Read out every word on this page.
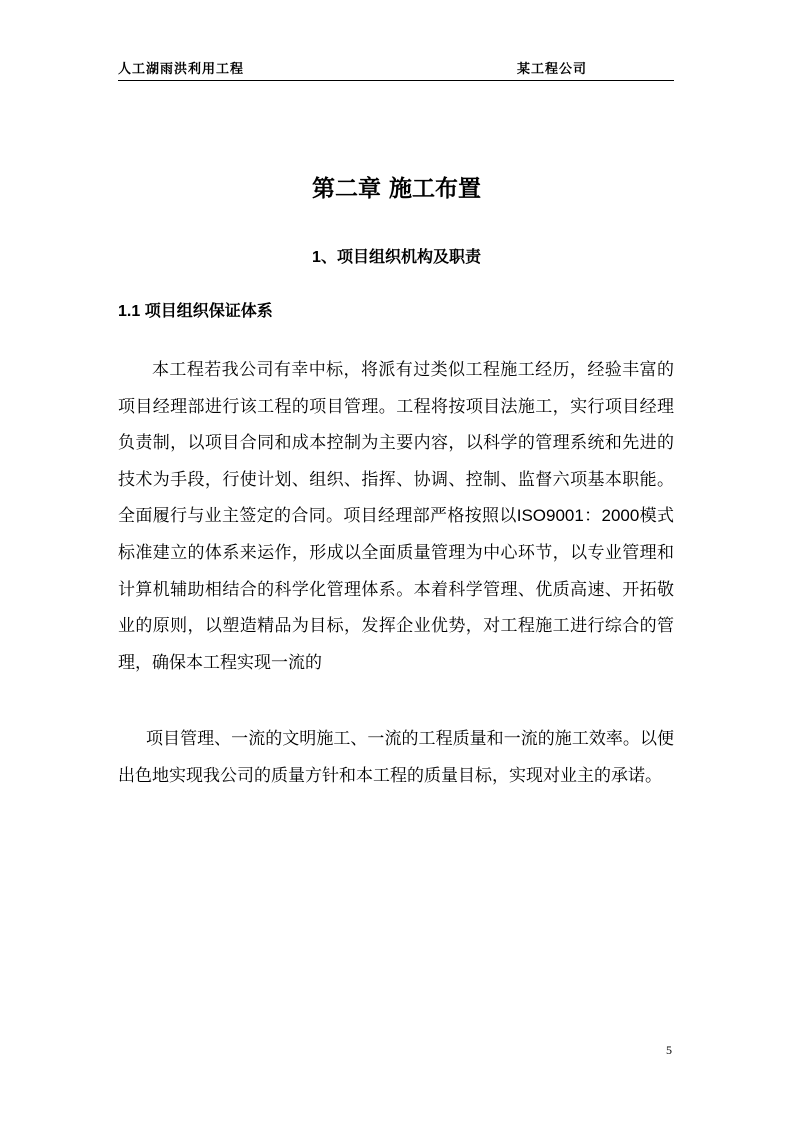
人工湖雨洪利用工程	某工程公司
第二章 施工布置
1、项目组织机构及职责
1.1 项目组织保证体系

本工程若我公司有幸中标，将派有过类似工程施工经历，经验丰富的项目经理部进行该工程的项目管理。工程将按项目法施工，实行项目经理负责制，以项目合同和成本控制为主要内容，以科学的管理系统和先进的技术为手段，行使计划、组织、指挥、协调、控制、监督六项基本职能。全面履行与业主签定的合同。项目经理部严格按照以ISO9001：2000模式标准建立的体系来运作，形成以全面质量管理为中心环节，以专业管理和计算机辅助相结合的科学化管理体系。本着科学管理、优质高速、开拓敬业的原则，以塑造精品为目标，发挥企业优势，对工程施工进行综合的管理，确保本工程实现一流的

项目管理、一流的文明施工、一流的工程质量和一流的施工效率。以便出色地实现我公司的质量方针和本工程的质量目标，实现对业主的承诺。

5
